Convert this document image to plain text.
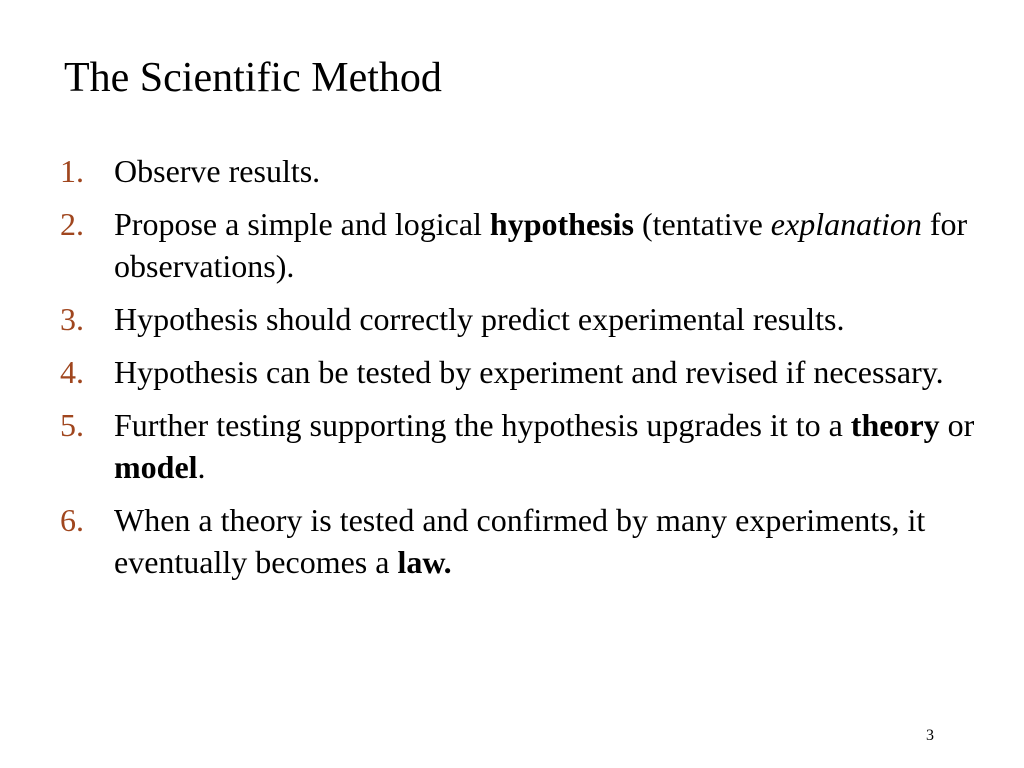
The Scientific Method
1. Observe results.
2. Propose a simple and logical hypothesis (tentative explanation for observations).
3. Hypothesis should correctly predict experimental results.
4. Hypothesis can be tested by experiment and revised if necessary.
5. Further testing supporting the hypothesis upgrades it to a theory or model.
6. When a theory is tested and confirmed by many experiments, it eventually becomes a law.
3
